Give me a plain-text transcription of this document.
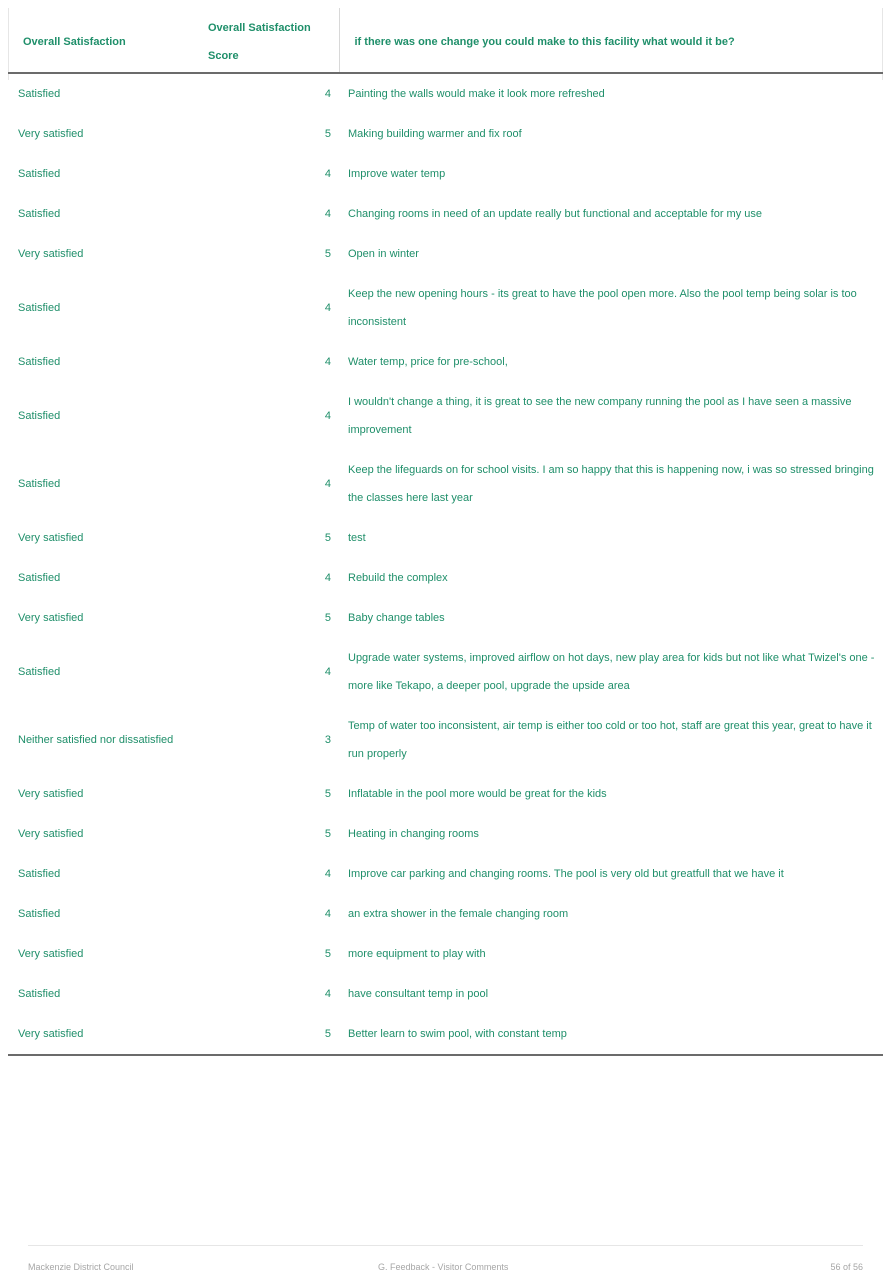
Overall Satisfaction	Overall Satisfaction Score	if there was one change you could make to this facility what would it be?
Satisfied	4	Painting the walls would make it look more refreshed
Very satisfied	5	Making building warmer and fix roof
Satisfied	4	Improve water temp
Satisfied	4	Changing rooms in need of an update really but functional and acceptable for my use
Very satisfied	5	Open in winter
Satisfied	4	Keep the new opening hours - its great to have the pool open more. Also the pool temp being solar is too inconsistent
Satisfied	4	Water temp, price for pre-school,
Satisfied	4	I wouldn't change a thing, it is great to see the new company running the pool as I have seen a massive improvement
Satisfied	4	Keep the lifeguards on for school visits. I am so happy that this is happening now, i was so stressed bringing the classes here last year
Very satisfied	5	test
Satisfied	4	Rebuild the complex
Very satisfied	5	Baby change tables
Satisfied	4	Upgrade water systems, improved airflow on hot days, new play area for kids but not like what Twizel's one - more like Tekapo, a deeper pool, upgrade the upside area
Neither satisfied nor dissatisfied	3	Temp of water too inconsistent, air temp is either too cold or too hot, staff are great this year, great to have it run properly
Very satisfied	5	Inflatable in the pool more would be great for the kids
Very satisfied	5	Heating in changing rooms
Satisfied	4	Improve car parking and changing rooms. The pool is very old but greatfull that we have it
Satisfied	4	an extra shower in the female changing room
Very satisfied	5	more equipment to play with
Satisfied	4	have consultant temp in pool
Very satisfied	5	Better learn to swim pool, with constant temp
Mackenzie District Council	G. Feedback - Visitor Comments	56 of 56
